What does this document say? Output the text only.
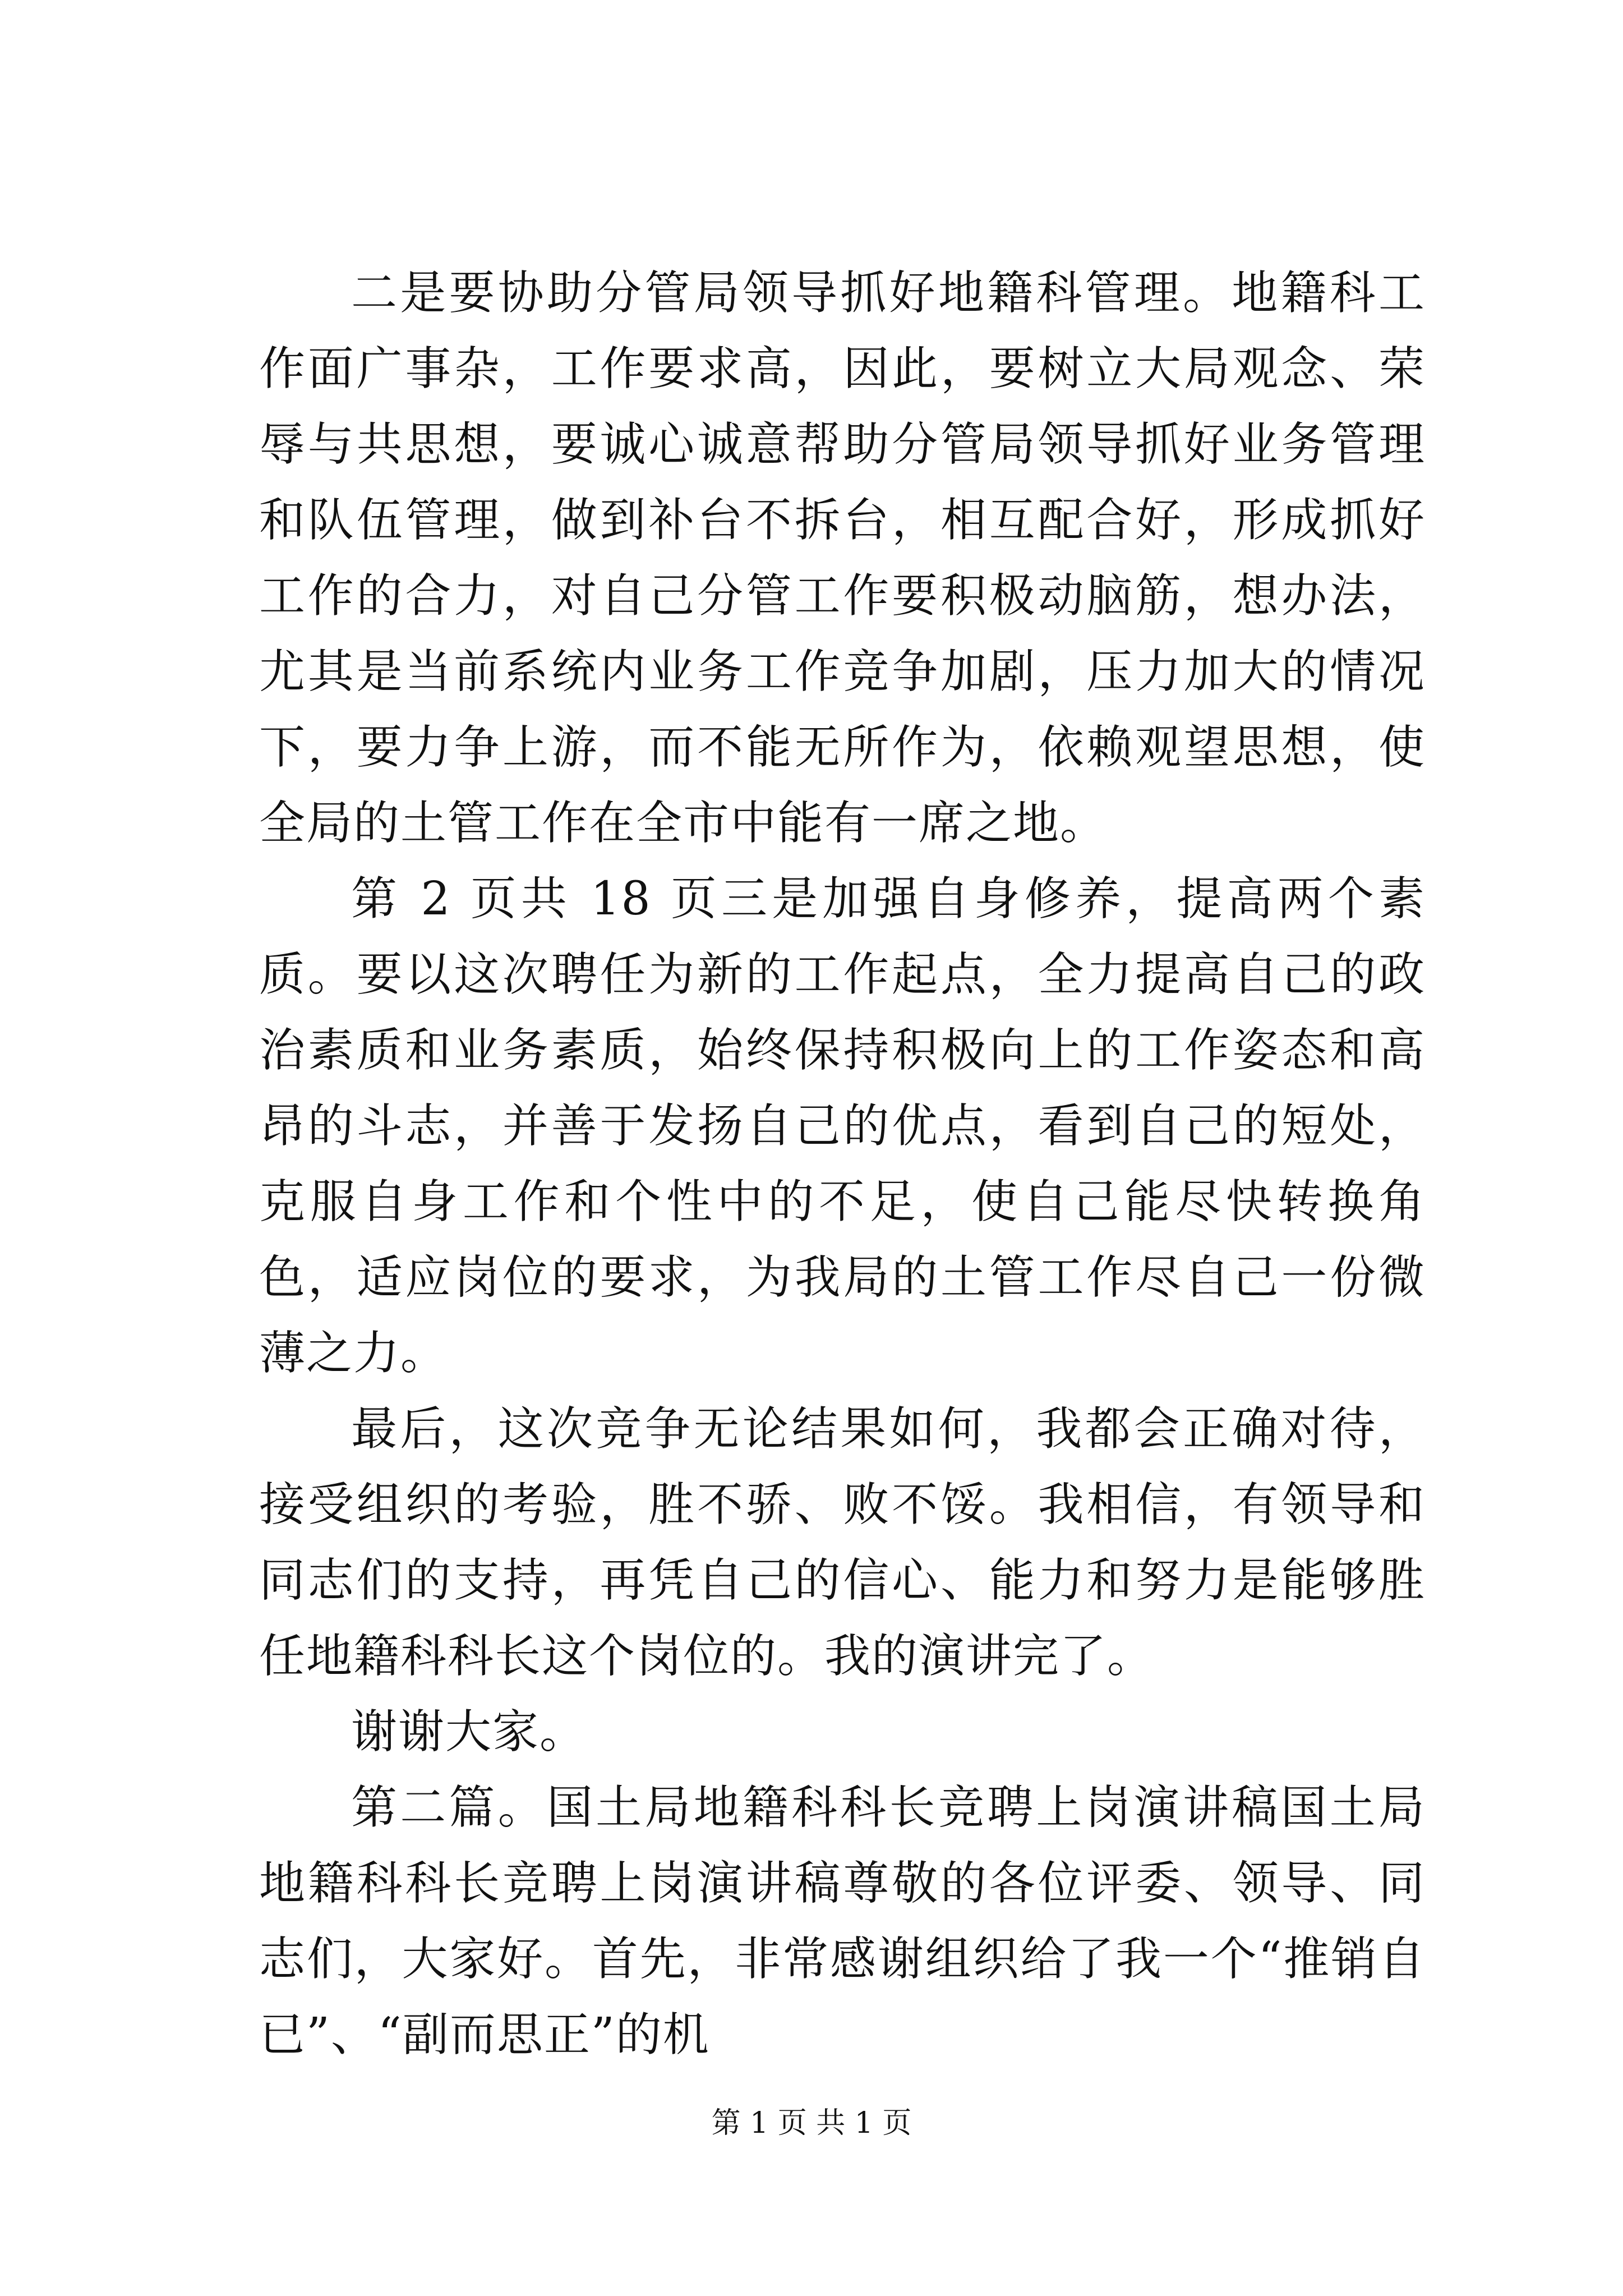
二是要协助分管局领导抓好地籍科管理。地籍科工作面广事杂，工作要求高，因此，要树立大局观念、荣辱与共思想，要诚心诚意帮助分管局领导抓好业务管理和队伍管理，做到补台不拆台，相互配合好，形成抓好工作的合力，对自己分管工作要积极动脑筋，想办法，尤其是当前系统内业务工作竞争加剧，压力加大的情况下，要力争上游，而不能无所作为，依赖观望思想，使全局的土管工作在全市中能有一席之地。

第 2 页共 18 页三是加强自身修养，提高两个素质。要以这次聘任为新的工作起点，全力提高自己的政治素质和业务素质，始终保持积极向上的工作姿态和高昂的斗志，并善于发扬自己的优点，看到自己的短处，克服自身工作和个性中的不足，使自己能尽快转换角色，适应岗位的要求，为我局的土管工作尽自己一份微薄之力。

最后，这次竞争无论结果如何，我都会正确对待，接受组织的考验，胜不骄、败不馁。我相信，有领导和同志们的支持，再凭自己的信心、能力和努力是能够胜任地籍科科长这个岗位的。我的演讲完了。

谢谢大家。

第二篇。国土局地籍科科长竞聘上岗演讲稿国土局地籍科科长竞聘上岗演讲稿尊敬的各位评委、领导、同志们，大家好。首先，非常感谢组织给了我一个“推销自已”、“副而思正”的机

第 1 页 共 1 页
